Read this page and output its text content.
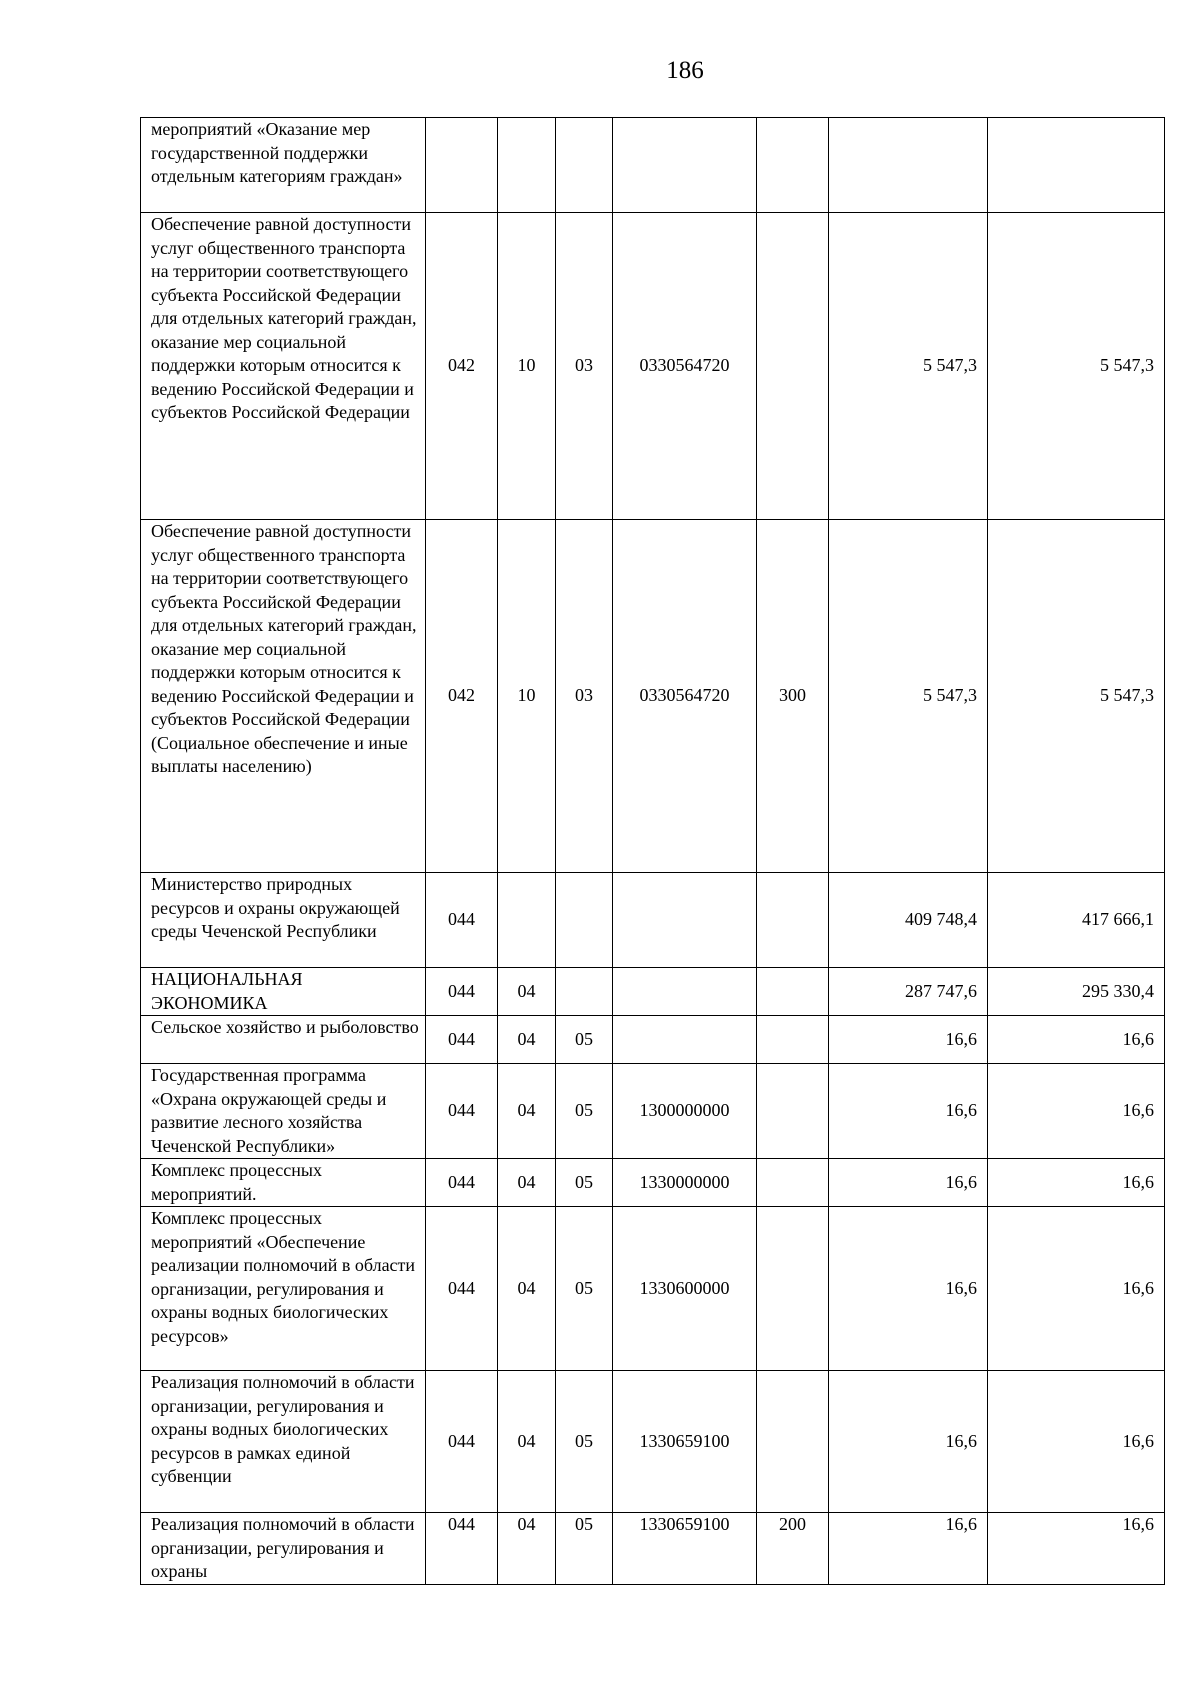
186
мероприятий «Оказание мер государственной поддержки отдельным категориям граждан»							
Обеспечение равной доступности услуг общественного транспорта на территории соответствующего субъекта Российской Федерации для отдельных категорий граждан, оказание мер социальной поддержки которым относится к ведению Российской Федерации и субъектов Российской Федерации	042	10	03	0330564720		5 547,3	5 547,3
Обеспечение равной доступности услуг общественного транспорта на территории соответствующего субъекта Российской Федерации для отдельных категорий граждан, оказание мер социальной поддержки которым относится к ведению Российской Федерации и субъектов Российской Федерации (Социальное обеспечение и иные выплаты населению)	042	10	03	0330564720	300	5 547,3	5 547,3
Министерство природных ресурсов и охраны окружающей среды Чеченской Республики	044					409 748,4	417 666,1
НАЦИОНАЛЬНАЯ ЭКОНОМИКА	044	04				287 747,6	295 330,4
Сельское хозяйство и рыболовство	044	04	05			16,6	16,6
Государственная программа «Охрана окружающей среды и развитие лесного хозяйства Чеченской Республики»	044	04	05	1300000000		16,6	16,6
Комплекс процессных мероприятий.	044	04	05	1330000000		16,6	16,6
Комплекс процессных мероприятий «Обеспечение реализации полномочий в области организации, регулирования и охраны водных биологических ресурсов»	044	04	05	1330600000		16,6	16,6
Реализация полномочий в области организации, регулирования и охраны водных биологических ресурсов в рамках единой субвенции	044	04	05	1330659100		16,6	16,6
Реализация полномочий в области организации, регулирования и охраны	044	04	05	1330659100	200	16,6	16,6
